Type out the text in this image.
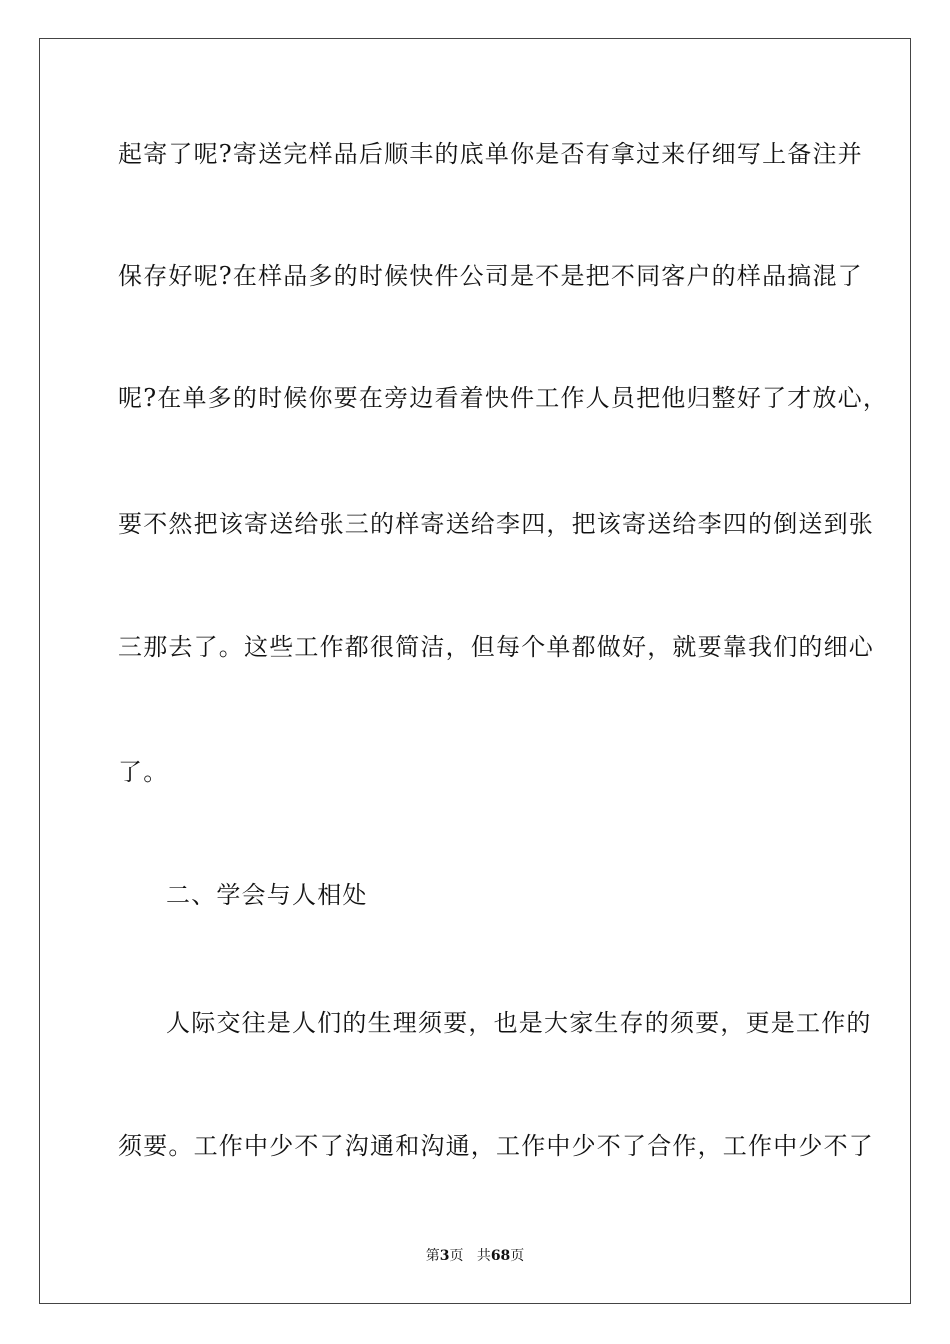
起寄了呢?寄送完样品后顺丰的底单你是否有拿过来仔细写上备注并
保存好呢?在样品多的时候快件公司是不是把不同客户的样品搞混了
呢?在单多的时候你要在旁边看着快件工作人员把他归整好了才放心，
要不然把该寄送给张三的样寄送给李四，把该寄送给李四的倒送到张
三那去了。这些工作都很简洁，但每个单都做好，就要靠我们的细心
了。
二、学会与人相处
人际交往是人们的生理须要，也是大家生存的须要，更是工作的
须要。工作中少不了沟通和沟通，工作中少不了合作，工作中少不了
第3页 共68页
